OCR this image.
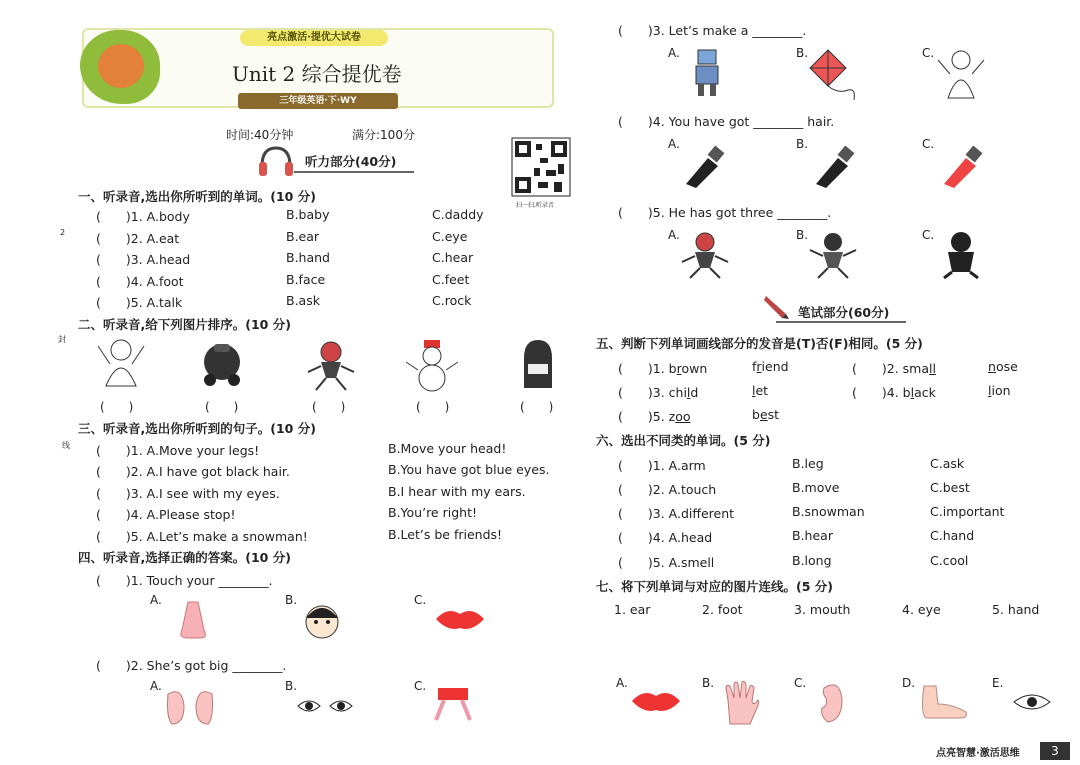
亮点激活·提优大试卷
Unit 2 综合提优卷
三年级英语·下·WY
时间:40分钟	满分:100分
听力部分(40分)
扫一扫,听录音
2
封
线
一、听录音,选出你所听到的单词。(10 分)
(　　)1. A.body	B.baby	C.daddy
(　　)2. A.eat	B.ear	C.eye
(　　)3. A.head	B.hand	C.hear
(　　)4. A.foot	B.face	C.feet
(　　)5. A.talk	B.ask	C.rock
二、听录音,给下列图片排序。(10 分)
(　　)	(　　)	(　　)	(　　)	(　　)
三、听录音,选出你所听到的句子。(10 分)
(　　)1. A.Move your legs!	B.Move your head!
(　　)2. A.I have got black hair.	B.You have got blue eyes.
(　　)3. A.I see with my eyes.	B.I hear with my ears.
(　　)4. A.Please stop!	B.You’re right!
(　　)5. A.Let’s make a snowman!	B.Let’s be friends!
四、听录音,选择正确的答案。(10 分)
(　　)1. Touch your ________.
A.	B.	C.
(　　)2. She’s got big ________.
A.	B.	C.
(　　)3. Let’s make a ________.
A.	B.	C.
(　　)4. You have got ________ hair.
A.	B.	C.
(　　)5. He has got three ________.
A.	B.	C.
笔试部分(60分)
五、判断下列单词画线部分的发音是(T)否(F)相同。(5 分)
(　　)1. brown	friend	(　　)2. small	nose
(　　)3. child	let	(　　)4. black	lion
(　　)5. zoo	best
六、选出不同类的单词。(5 分)
(　　)1. A.arm	B.leg	C.ask
(　　)2. A.touch	B.move	C.best
(　　)3. A.different	B.snowman	C.important
(　　)4. A.head	B.hear	C.hand
(　　)5. A.smell	B.long	C.cool
七、将下列单词与对应的图片连线。(5 分)
1. ear	2. foot	3. mouth	4. eye	5. hand
A.	B.	C.	D.	E.
点亮智慧·激活思维	3
